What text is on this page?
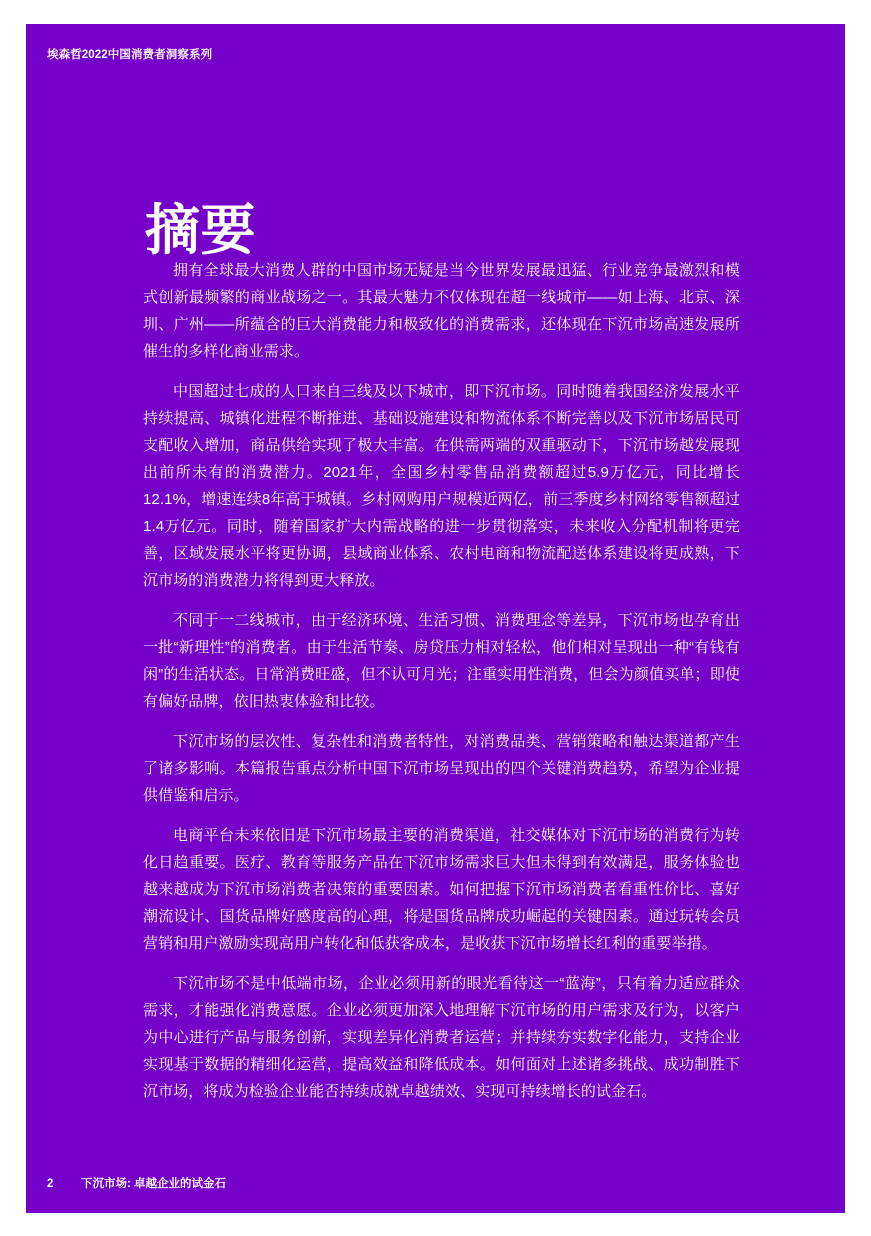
埃森哲2022中国消费者洞察系列
摘要

拥有全球最大消费人群的中国市场无疑是当今世界发展最迅猛、行业竞争最激烈和模式创新最频繁的商业战场之一。其最大魅力不仅体现在超一线城市——如上海、北京、深圳、广州——所蕴含的巨大消费能力和极致化的消费需求，还体现在下沉市场高速发展所催生的多样化商业需求。

中国超过七成的人口来自三线及以下城市，即下沉市场。同时随着我国经济发展水平持续提高、城镇化进程不断推进、基础设施建设和物流体系不断完善以及下沉市场居民可支配收入增加，商品供给实现了极大丰富。在供需两端的双重驱动下，下沉市场越发展现出前所未有的消费潜力。2021年，全国乡村零售品消费额超过5.9万亿元，同比增长12.1%，增速连续8年高于城镇。乡村网购用户规模近两亿，前三季度乡村网络零售额超过1.4万亿元。同时，随着国家扩大内需战略的进一步贯彻落实，未来收入分配机制将更完善，区域发展水平将更协调，县域商业体系、农村电商和物流配送体系建设将更成熟，下沉市场的消费潜力将得到更大释放。

不同于一二线城市，由于经济环境、生活习惯、消费理念等差异，下沉市场也孕育出一批“新理性”的消费者。由于生活节奏、房贷压力相对轻松，他们相对呈现出一种“有钱有闲”的生活状态。日常消费旺盛，但不认可月光；注重实用性消费，但会为颜值买单；即使有偏好品牌，依旧热衷体验和比较。

下沉市场的层次性、复杂性和消费者特性，对消费品类、营销策略和触达渠道都产生了诸多影响。本篇报告重点分析中国下沉市场呈现出的四个关键消费趋势，希望为企业提供借鉴和启示。

电商平台未来依旧是下沉市场最主要的消费渠道，社交媒体对下沉市场的消费行为转化日趋重要。医疗、教育等服务产品在下沉市场需求巨大但未得到有效满足，服务体验也越来越成为下沉市场消费者决策的重要因素。如何把握下沉市场消费者看重性价比、喜好潮流设计、国货品牌好感度高的心理，将是国货品牌成功崛起的关键因素。通过玩转会员营销和用户激励实现高用户转化和低获客成本，是收获下沉市场增长红利的重要举措。

下沉市场不是中低端市场，企业必须用新的眼光看待这一“蓝海”，只有着力适应群众需求，才能强化消费意愿。企业必须更加深入地理解下沉市场的用户需求及行为，以客户为中心进行产品与服务创新，实现差异化消费者运营；并持续夯实数字化能力，支持企业实现基于数据的精细化运营，提高效益和降低成本。如何面对上述诸多挑战、成功制胜下沉市场，将成为检验企业能否持续成就卓越绩效、实现可持续增长的试金石。

2	下沉市场: 卓越企业的试金石
